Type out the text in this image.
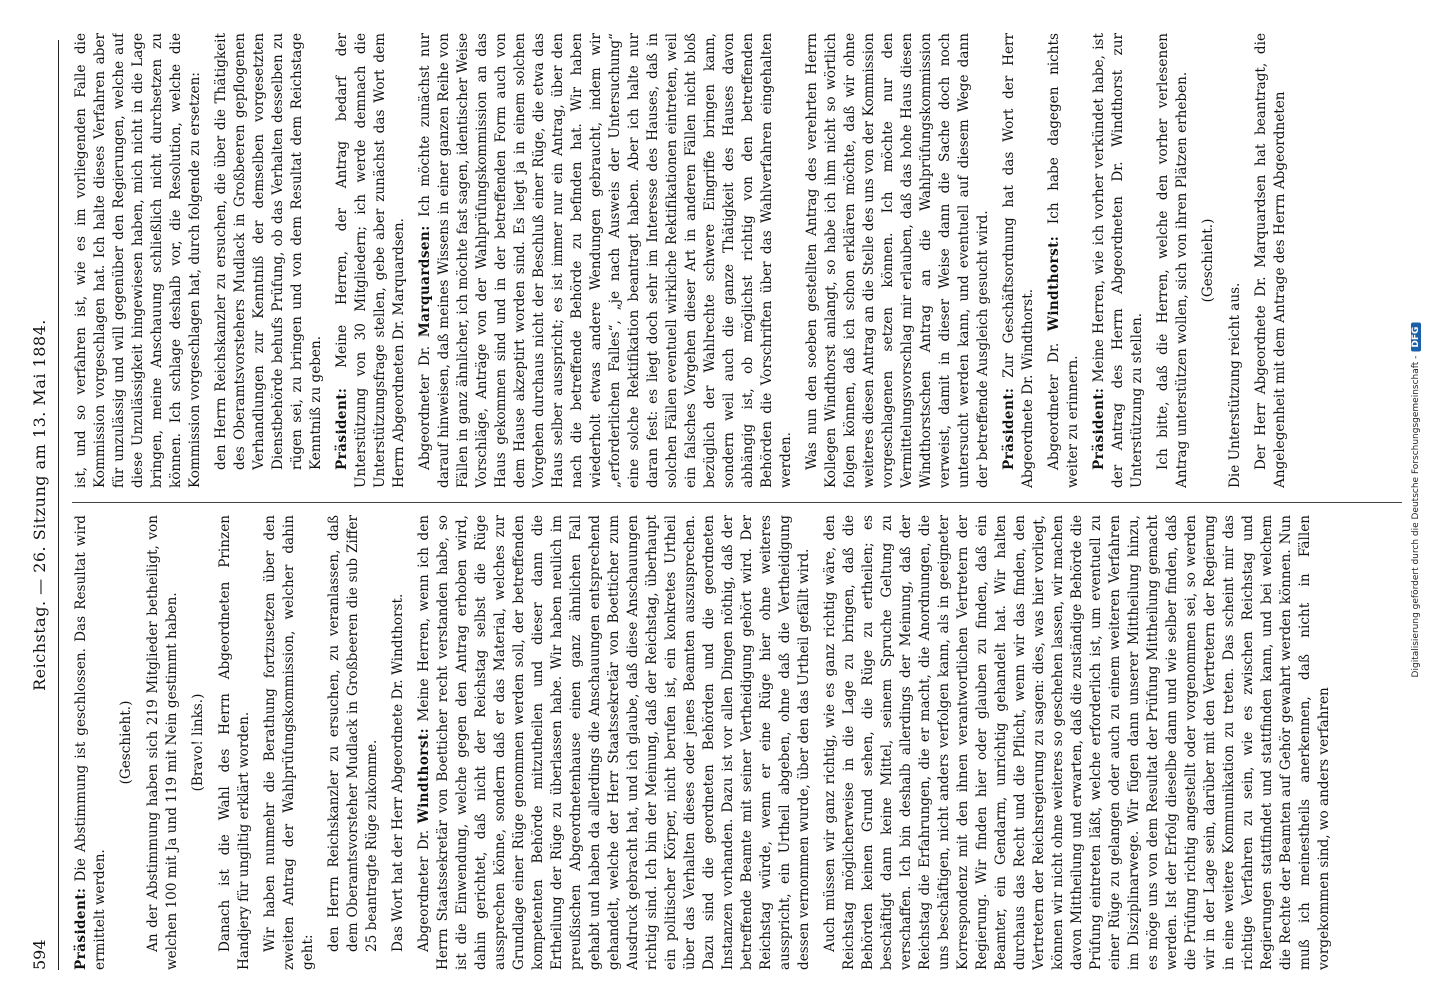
594
Reichstag. — 26. Sitzung am 13. Mai 1884.

Präsident: Die Abstimmung ist geschlossen. Das Resultat wird ermittelt werden.

(Geschieht.) An der Abstimmung haben sich 219 Mitglieder betheiligt, von welchen 100 mit Ja und 119 mit Nein gestimmt haben. (Bravo! links.) Danach ist die Wahl des Herrn Abgeordneten Prinzen Handjery für ungiltig erklärt worden. Wir haben nunmehr die Berathung fortzusetzen über den zweiten Antrag der Wahlprüfungskommission, welcher dahin geht:

den Herrn Reichskanzler zu ersuchen, zu veranlassen, daß dem Oberamtsvorsteher Mudlack in Großbeeren die sub Ziffer 25 beantragte Rüge zukomme. Das Wort hat der Herr Abgeordnete Dr. Windthorst. Abgeordneter Dr. Windthorst: Meine Herren, wenn ich den Herrn Staatssekretär von Boetticher recht verstanden habe, so ist die Einwendung, welche gegen den Antrag erhoben wird, dahin gerichtet, daß nicht der Reichstag selbst die Rüge aussprechen könne, sondern daß er das Material, welches zur Grundlage einer Rüge genommen werden soll, der betreffenden kompetenten Behörde mitzutheilen und dieser dann die Ertheilung der Rüge zu überlassen habe. Wir haben neulich im preußischen Abgeordnetenhause einen ganz ähnlichen Fall gehabt und haben da allerdings die Anschauungen entsprechend gehandelt, welche der Herr Staatssekretär von Boetticher zum Ausdruck gebracht hat, und ich glaube, daß diese Anschauungen richtig sind. Ich bin der Meinung, daß der Reichstag, überhaupt ein politischer Körper, nicht berufen ist, ein konkretes Urtheil über das Verhalten dieses oder jenes Beamten auszusprechen. Dazu sind die geordneten Behörden und die geordneten Instanzen vorhanden. Dazu ist vor allen Dingen nöthig, daß der betreffende Beamte mit seiner Vertheidigung gehört wird. Der Reichstag würde, wenn er eine Rüge hier ohne weiteres ausspricht, ein Urtheil abgeben, ohne daß die Vertheidigung dessen vernommen wurde, über den das Urtheil gefällt wird. Auch müssen wir ganz richtig, wie es ganz richtig wäre, den Reichstag möglicherweise in die Lage zu bringen, daß die Behörden keinen Grund sehen, die Rüge zu ertheilen; es beschäftigt dann keine Mittel, seinem Spruche Geltung zu verschaffen. Ich bin deshalb allerdings der Meinung, daß der Reichstag die Erfahrungen, die er macht, die Anordnungen, die uns beschäftigen, nicht anders verfolgen kann, als in geeigneter Korrespondenz mit den ihnen verantwortlichen Vertretern der Regierung. Wir finden hier oder glauben zu finden, daß ein Beamter, ein Gendarm, unrichtig gehandelt hat. Wir halten durchaus das Recht und die Pflicht, wenn wir das finden, den Vertretern der Reichsregierung zu sagen: dies, was hier vorliegt, können wir nicht ohne weiteres so geschehen lassen, wir machen davon Mittheilung und erwarten, daß die zuständige Behörde die Prüfung eintreten läßt, welche erforderlich ist, um eventuell zu einer Rüge zu gelangen oder auch zu einem weiteren Verfahren im Disziplinarwege. Wir fügen dann unserer Mittheilung hinzu, es möge uns von dem Resultat der Prüfung Mittheilung gemacht werden. Ist der Erfolg dieselbe dann und wie selber finden, daß die Prüfung richtig angestellt oder vorgenommen sei, so werden wir in der Lage sein, darüber mit den Vertretern der Regierung in eine weitere Kommunikation zu treten. Das scheint mir das richtige Verfahren zu sein, wie es zwischen Reichstag und Regierungen stattfindet und stattfinden kann, und bei welchem die Rechte der Beamten auf Gehör gewahrt werden können. Nun muß ich meinestheils anerkennen, daß nicht in Fällen vorgekommen sind, wo anders verfahren

ist, und so verfahren ist, wie es im vorliegenden Falle die Kommission vorgeschlagen hat. Ich halte dieses Verfahren aber für unzulässig und will gegenüber den Regierungen, welche auf diese Unzulässigkeit hingewiesen haben, mich nicht in die Lage bringen, meine Anschauung schließlich nicht durchsetzen zu können. Ich schlage deshalb vor, die Resolution, welche die Kommission vorgeschlagen hat, durch folgende zu ersetzen: den Herrn Reichskanzler zu ersuchen, die über die Thätigkeit des Oberamtsvorstehers Mudlack in Großbeeren gepflogenen Verhandlungen zur Kenntniß der demselben vorgesetzten Dienstbehörde behufs Prüfung, ob das Verhalten desselben zu rügen sei, zu bringen und von dem Resultat dem Reichstage Kenntniß zu geben. Präsident: Meine Herren, der Antrag bedarf der Unterstützung von 30 Mitgliedern; ich werde demnach die Unterstützungsfrage stellen, gebe aber zunächst das Wort dem Herrn Abgeordneten Dr. Marquardsen. Abgeordneter Dr. Marquardsen: Ich möchte zunächst nur darauf hinweisen, daß meines Wissens in einer ganzen Reihe von Fällen in ganz ähnlicher, ich möchte fast sagen, identischer Weise Vorschläge, Anträge von der Wahlprüfungskommission an das Haus gekommen sind und in der betreffenden Form auch von dem Hause akzeptirt worden sind. Es liegt ja in einem solchen Vorgehen durchaus nicht der Beschluß einer Rüge, die etwa das Haus selber ausspricht; es ist immer nur ein Antrag, über den nach die betreffende Behörde zu befinden hat. Wir haben wiederholt etwas andere Wendungen gebraucht, indem wir „erforderlichen Falles“, „je nach Ausweis der Untersuchung“ eine solche Rektifikation beantragt haben. Aber ich halte nur daran fest: es liegt doch sehr im Interesse des Hauses, daß in solchen Fällen eventuell wirkliche Rektifikationen eintreten, weil ein falsches Vorgehen dieser Art in anderen Fällen nicht bloß bezüglich der Wahlrechte schwere Eingriffe bringen kann, sondern weil auch die ganze Thätigkeit des Hauses davon abhängig ist, ob möglichst richtig von den betreffenden Behörden die Vorschriften über das Wahlverfahren eingehalten werden. Was nun den soeben gestellten Antrag des verehrten Herrn Kollegen Windthorst anlangt, so habe ich ihm nicht so wörtlich folgen können, daß ich schon erklären möchte, daß wir ohne weiteres diesen Antrag an die Stelle des uns von der Kommission vorgeschlagenen setzen können. Ich möchte nur den Vermittelungsvorschlag mir erlauben, daß das hohe Haus diesen Windthorstschen Antrag an die Wahlprüfungskommission verweist, damit in dieser Weise dann die Sache doch noch untersucht werden kann, und eventuell auf diesem Wege dann der betreffende Ausgleich gesucht wird. Präsident: Zur Geschäftsordnung hat das Wort der Herr Abgeordnete Dr. Windthorst. Abgeordneter Dr. Windthorst: Ich habe dagegen nichts weiter zu erinnern. Präsident: Meine Herren, wie ich vorher verkündet habe, ist der Antrag des Herrn Abgeordneten Dr. Windthorst zur Unterstützung zu stellen. Ich bitte, daß die Herren, welche den vorher verlesenen Antrag unterstützen wollen, sich von ihren Plätzen erheben. (Geschieht.)

Die Unterstützung reicht aus. Der Herr Abgeordnete Dr. Marquardsen hat beantragt, die Angelegenheit mit dem Antrage des Herrn Abgeordneten

Digitalisierung gefördert durch die Deutsche Forschungsgemeinschaft -DFG
